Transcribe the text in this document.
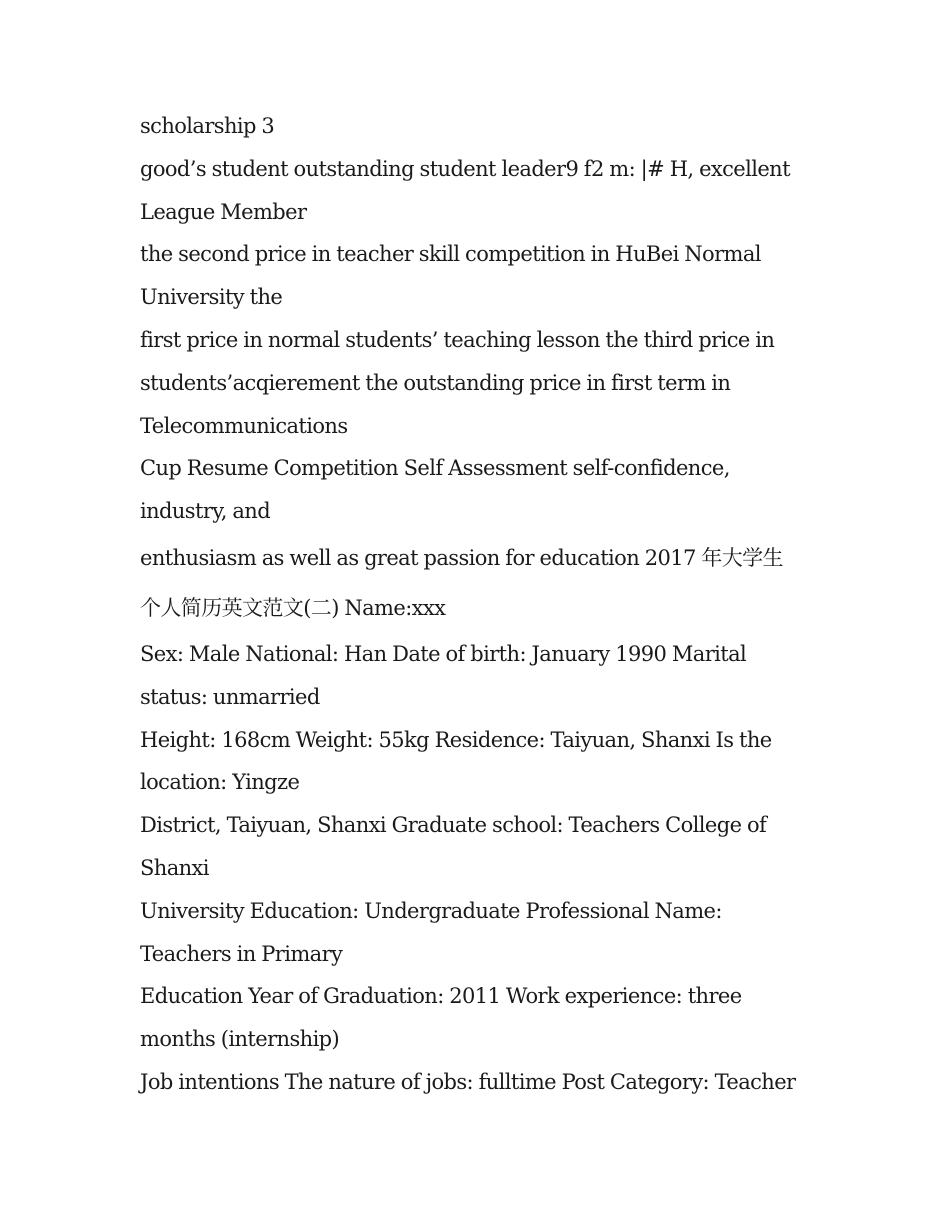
scholarship 3
good’s student outstanding student leader9 f2 m: |# H, excellent
League Member
the second price in teacher skill competition in HuBei Normal
University the
first price in normal students’ teaching lesson the third price in
students’acqierement the outstanding price in first term in
Telecommunications
Cup Resume Competition Self Assessment self-confidence,
industry, and
enthusiasm as well as great passion for education 2017 年大学生
个人简历英文范文(二) Name:xxx
Sex: Male National: Han Date of birth: January 1990 Marital
status: unmarried
Height: 168cm Weight: 55kg Residence: Taiyuan, Shanxi Is the
location: Yingze
District, Taiyuan, Shanxi Graduate school: Teachers College of
Shanxi
University Education: Undergraduate Professional Name:
Teachers in Primary
Education Year of Graduation: 2011 Work experience: three
months (internship)
Job intentions The nature of jobs: fulltime Post Category: Teacher
